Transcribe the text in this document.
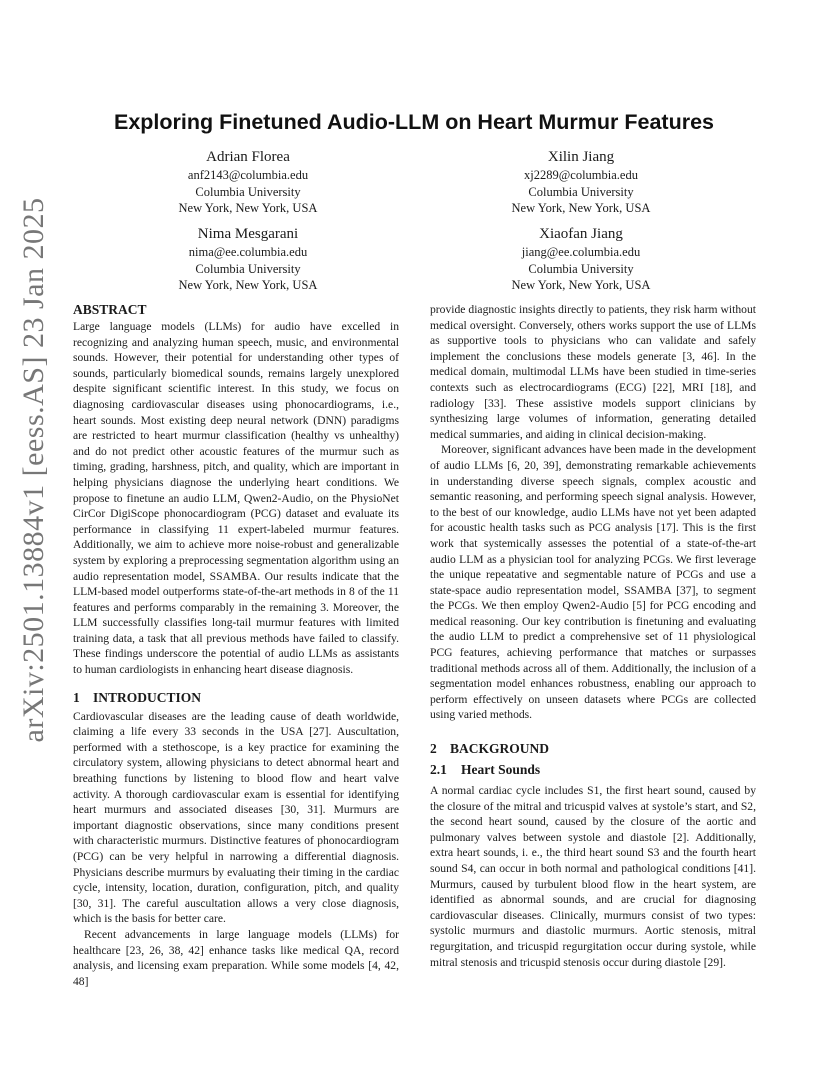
arXiv:2501.13884v1 [eess.AS] 23 Jan 2025
Exploring Finetuned Audio-LLM on Heart Murmur Features
Adrian Florea
anf2143@columbia.edu
Columbia University
New York, New York, USA
Xilin Jiang
xj2289@columbia.edu
Columbia University
New York, New York, USA
Nima Mesgarani
nima@ee.columbia.edu
Columbia University
New York, New York, USA
Xiaofan Jiang
jiang@ee.columbia.edu
Columbia University
New York, New York, USA
ABSTRACT

Large language models (LLMs) for audio have excelled in recognizing and analyzing human speech, music, and environmental sounds. However, their potential for understanding other types of sounds, particularly biomedical sounds, remains largely unexplored despite significant scientific interest. In this study, we focus on diagnosing cardiovascular diseases using phonocardiograms, i.e., heart sounds. Most existing deep neural network (DNN) paradigms are restricted to heart murmur classification (healthy vs unhealthy) and do not predict other acoustic features of the murmur such as timing, grading, harshness, pitch, and quality, which are important in helping physicians diagnose the underlying heart conditions. We propose to finetune an audio LLM, Qwen2-Audio, on the PhysioNet CirCor DigiScope phonocardiogram (PCG) dataset and evaluate its performance in classifying 11 expert-labeled murmur features. Additionally, we aim to achieve more noise-robust and generalizable system by exploring a preprocessing segmentation algorithm using an audio representation model, SSAMBA. Our results indicate that the LLM-based model outperforms state-of-the-art methods in 8 of the 11 features and performs comparably in the remaining 3. Moreover, the LLM successfully classifies long-tail murmur features with limited training data, a task that all previous methods have failed to classify. These findings underscore the potential of audio LLMs as assistants to human cardiologists in enhancing heart disease diagnosis.

1 INTRODUCTION

Cardiovascular diseases are the leading cause of death worldwide, claiming a life every 33 seconds in the USA [27]. Auscultation, performed with a stethoscope, is a key practice for examining the circulatory system, allowing physicians to detect abnormal heart and breathing functions by listening to blood flow and heart valve activity. A thorough cardiovascular exam is essential for identifying heart murmurs and associated diseases [30, 31]. Murmurs are important diagnostic observations, since many conditions present with characteristic murmurs. Distinctive features of phonocardiogram (PCG) can be very helpful in narrowing a differential diagnosis. Physicians describe murmurs by evaluating their timing in the cardiac cycle, intensity, location, duration, configuration, pitch, and quality [30, 31]. The careful auscultation allows a very close diagnosis, which is the basis for better care.

Recent advancements in large language models (LLMs) for healthcare [23, 26, 38, 42] enhance tasks like medical QA, record analysis, and licensing exam preparation. While some models [4, 42, 48]

provide diagnostic insights directly to patients, they risk harm without medical oversight. Conversely, others works support the use of LLMs as supportive tools to physicians who can validate and safely implement the conclusions these models generate [3, 46]. In the medical domain, multimodal LLMs have been studied in time-series contexts such as electrocardiograms (ECG) [22], MRI [18], and radiology [33]. These assistive models support clinicians by synthesizing large volumes of information, generating detailed medical summaries, and aiding in clinical decision-making.

Moreover, significant advances have been made in the development of audio LLMs [6, 20, 39], demonstrating remarkable achievements in understanding diverse speech signals, complex acoustic and semantic reasoning, and performing speech signal analysis. However, to the best of our knowledge, audio LLMs have not yet been adapted for acoustic health tasks such as PCG analysis [17]. This is the first work that systemically assesses the potential of a state-of-the-art audio LLM as a physician tool for analyzing PCGs. We first leverage the unique repeatative and segmentable nature of PCGs and use a state-space audio representation model, SSAMBA [37], to segment the PCGs. We then employ Qwen2-Audio [5] for PCG encoding and medical reasoning. Our key contribution is finetuning and evaluating the audio LLM to predict a comprehensive set of 11 physiological PCG features, achieving performance that matches or surpasses traditional methods across all of them. Additionally, the inclusion of a segmentation model enhances robustness, enabling our approach to perform effectively on unseen datasets where PCGs are collected using varied methods.

2 BACKGROUND
2.1 Heart Sounds

A normal cardiac cycle includes S1, the first heart sound, caused by the closure of the mitral and tricuspid valves at systole’s start, and S2, the second heart sound, caused by the closure of the aortic and pulmonary valves between systole and diastole [2]. Additionally, extra heart sounds, i. e., the third heart sound S3 and the fourth heart sound S4, can occur in both normal and pathological conditions [41]. Murmurs, caused by turbulent blood flow in the heart system, are identified as abnormal sounds, and are crucial for diagnosing cardiovascular diseases. Clinically, murmurs consist of two types: systolic murmurs and diastolic murmurs. Aortic stenosis, mitral regurgitation, and tricuspid regurgitation occur during systole, while mitral stenosis and tricuspid stenosis occur during diastole [29].
